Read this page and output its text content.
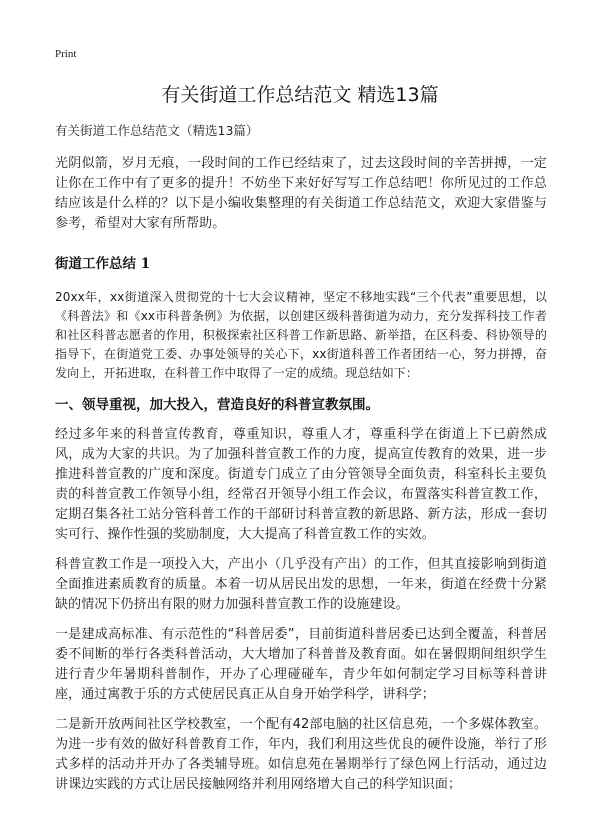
Print
有关街道工作总结范文 精选13篇

有关街道工作总结范文（精选13篇）

光阴似箭，岁月无痕，一段时间的工作已经结束了，过去这段时间的辛苦拼搏，一定让你在工作中有了更多的提升！不妨坐下来好好写写工作总结吧！你所见过的工作总结应该是什么样的？以下是小编收集整理的有关街道工作总结范文，欢迎大家借鉴与参考，希望对大家有所帮助。

街道工作总结 1

20xx年，xx街道深入贯彻党的十七大会议精神，坚定不移地实践“三个代表”重要思想，以《科普法》和《xx市科普条例》为依据，以创建区级科普街道为动力，充分发挥科技工作者和社区科普志愿者的作用，积极探索社区科普工作新思路、新举措，在区科委、科协领导的指导下，在街道党工委、办事处领导的关心下，xx街道科普工作者团结一心，努力拼搏，奋发向上，开拓进取，在科普工作中取得了一定的成绩。现总结如下：

一、领导重视，加大投入，营造良好的科普宣教氛围。

经过多年来的科普宣传教育，尊重知识，尊重人才，尊重科学在街道上下已蔚然成风，成为大家的共识。为了加强科普宣教工作的力度，提高宣传教育的效果，进一步推进科普宣教的广度和深度。街道专门成立了由分管领导全面负责，科室科长主要负责的科普宣教工作领导小组，经常召开领导小组工作会议，布置落实科普宣教工作，定期召集各社工站分管科普工作的干部研讨科普宣教的新思路、新方法，形成一套切实可行、操作性强的奖励制度，大大提高了科普宣教工作的实效。

科普宣教工作是一项投入大，产出小（几乎没有产出）的工作，但其直接影响到街道全面推进素质教育的质量。本着一切从居民出发的思想，一年来，街道在经费十分紧缺的情况下仍挤出有限的财力加强科普宣教工作的设施建设。

一是建成高标准、有示范性的“科普居委”，目前街道科普居委已达到全覆盖，科普居委不间断的举行各类科普活动，大大增加了科普普及教育面。如在暑假期间组织学生进行青少年暑期科普制作，开办了心理碰碰车，青少年如何制定学习目标等科普讲座，通过寓教于乐的方式使居民真正从自身开始学科学，讲科学；

二是新开放两间社区学校教室，一个配有42部电脑的社区信息苑，一个多媒体教室。为进一步有效的做好科普教育工作，年内，我们利用这些优良的硬件设施，举行了形式多样的活动并开办了各类辅导班。如信息苑在暑期举行了绿色网上行活动，通过边讲课边实践的方式让居民接触网络并利用网络增大自己的科学知识面；
